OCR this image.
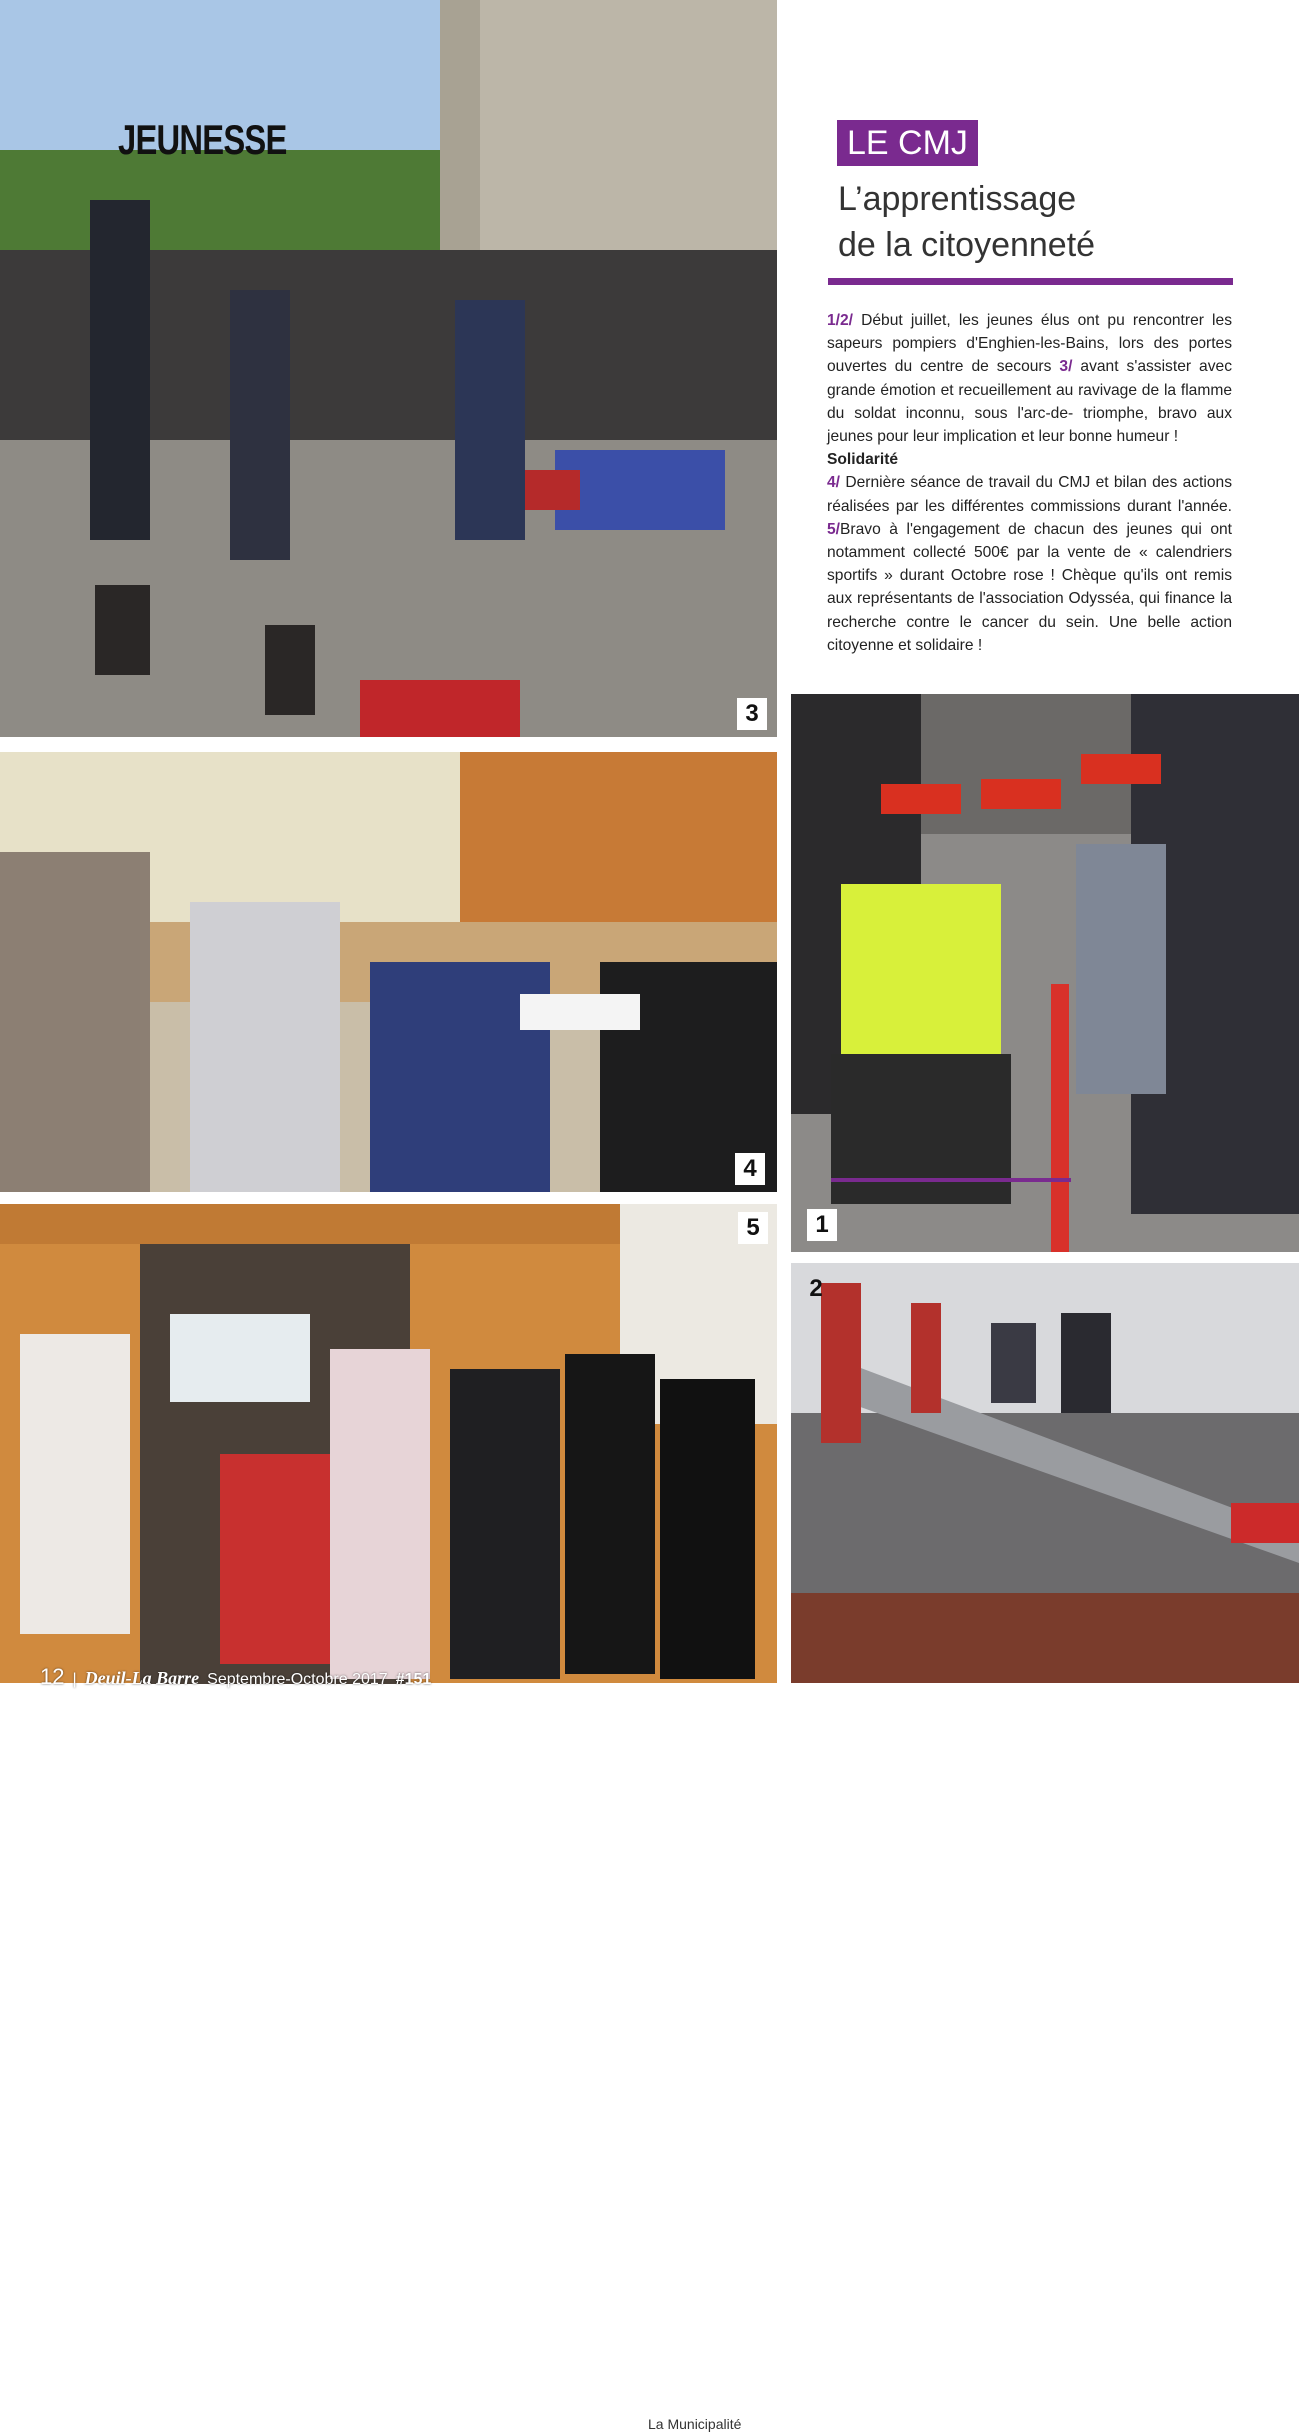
3
JEUNESSE
4
La Municipalité
5
LE CMJ
L’apprentissage
de la citoyenneté

1/2/ Début juillet, les jeunes élus ont pu rencontrer les sapeurs pompiers d'Enghien-les-Bains, lors des portes ouvertes du centre de secours 3/ avant s'assister avec grande émotion et recueillement au ravivage de la flamme du soldat inconnu, sous l'arc-de- triomphe, bravo aux jeunes pour leur implication et leur bonne humeur !

Solidarité

4/ Dernière séance de travail du CMJ et bilan des actions réalisées par les différentes commissions durant l'année. 5/Bravo à l'engagement de chacun des jeunes qui ont notamment collecté 500€ par la vente de « calendriers sportifs » durant Octobre rose ! Chèque qu'ils ont remis aux représentants de l'association Odysséa, qui finance la recherche contre le cancer du sein. Une belle action citoyenne et solidaire !

1
2
12 | Deuil-La Barre Septembre-Octobre 2017 #151
